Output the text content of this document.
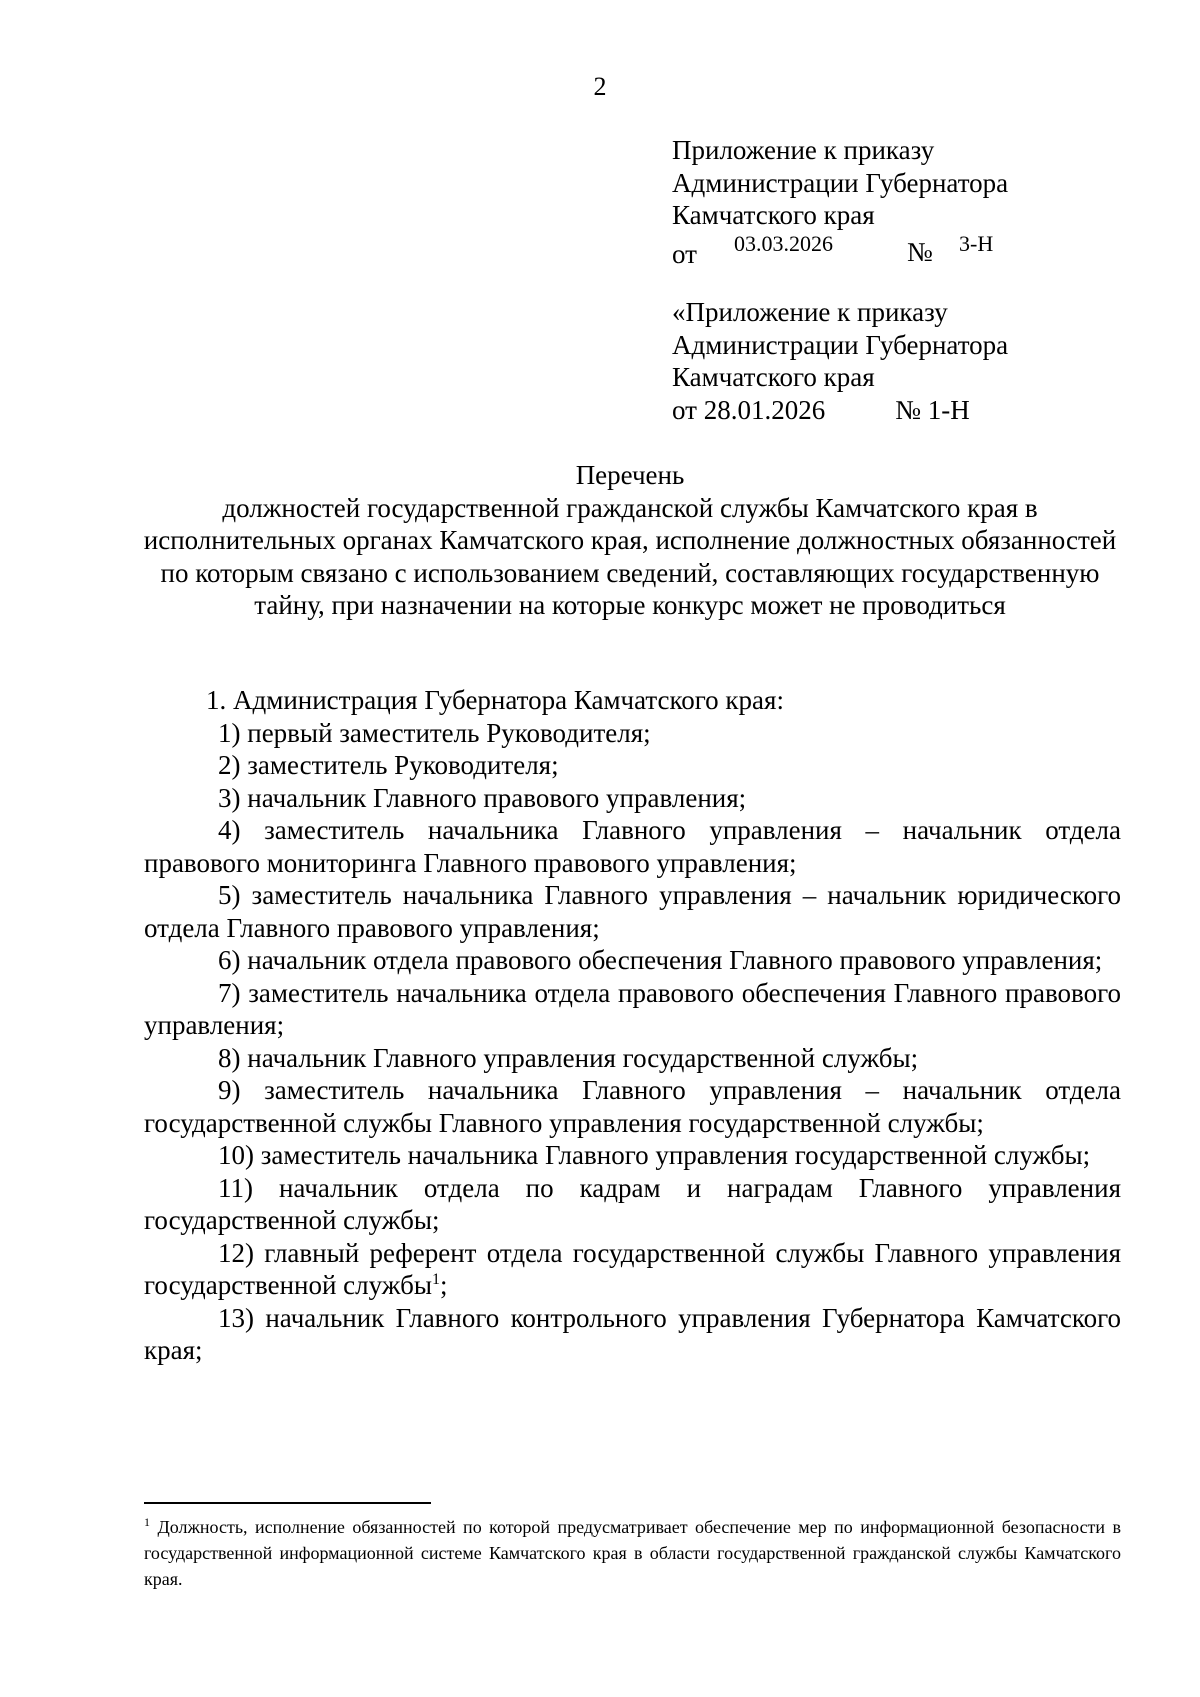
2
Приложение к приказу
Администрации Губернатора
Камчатского края
от 03.03.2026	№ 3-Н
«Приложение к приказу
Администрации Губернатора
Камчатского края
от 28.01.2026	№ 1-Н
Перечень
должностей государственной гражданской службы Камчатского края в исполнительных органах Камчатского края, исполнение должностных обязанностей по которым связано с использованием сведений, составляющих государственную тайну, при назначении на которые конкурс может не проводиться

1. Администрация Губернатора Камчатского края:

1) первый заместитель Руководителя;

2) заместитель Руководителя;

3) начальник Главного правового управления;

4) заместитель начальника Главного управления – начальник отдела правового мониторинга Главного правового управления;

5) заместитель начальника Главного управления – начальник юридического отдела Главного правового управления;

6) начальник отдела правового обеспечения Главного правового управления;

7) заместитель начальника отдела правового обеспечения Главного правового управления;

8) начальник Главного управления государственной службы;

9) заместитель начальника Главного управления – начальник отдела государственной службы Главного управления государственной службы;

10) заместитель начальника Главного управления государственной службы;

11) начальник отдела по кадрам и наградам Главного управления государственной службы;

12) главный референт отдела государственной службы Главного управления государственной службы$^1$;

13) начальник Главного контрольного управления Губернатора Камчатского края;

$^1$ Должность, исполнение обязанностей по которой предусматривает обеспечение мер по информационной безопасности в государственной информационной системе Камчатского края в области государственной гражданской службы Камчатского края.
